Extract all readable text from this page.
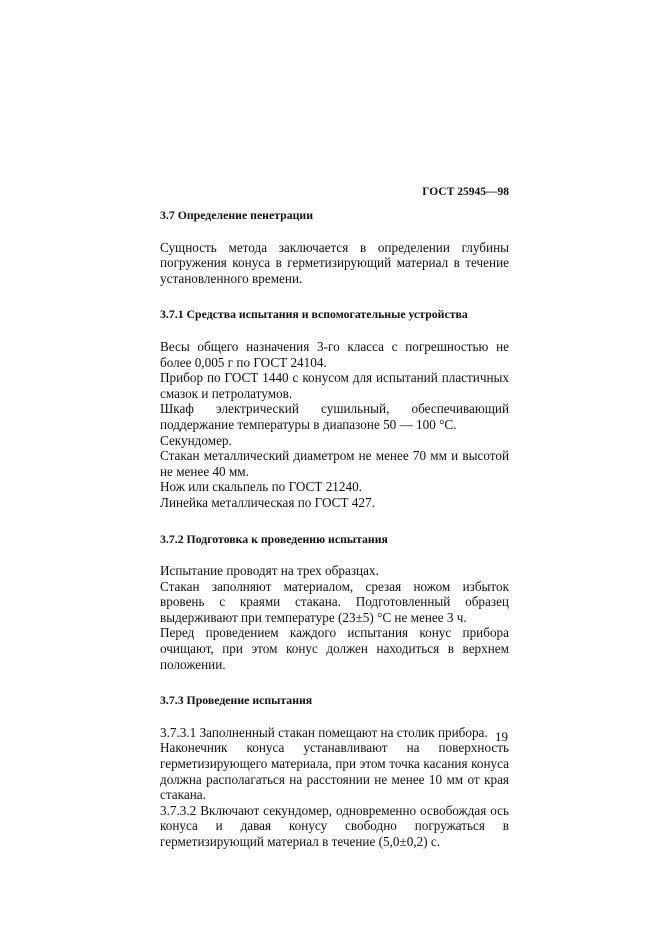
ГОСТ 25945—98
3.7 Определение пенетрации

Сущность метода заключается в определении глубины погружения конуса в герметизирующий материал в течение установленного времени.

3.7.1 Средства испытания и вспомогательные устройства

Весы общего назначения 3-го класса с погрешностью не более 0,005 г по ГОСТ 24104.

Прибор по ГОСТ 1440 с конусом для испытаний пластичных смазок и петролатумов.

Шкаф электрический сушильный, обеспечивающий поддержание температуры в диапазоне 50 — 100 °С.

Секундомер.

Стакан металлический диаметром не менее 70 мм и высотой не менее 40 мм.

Нож или скальпель по ГОСТ 21240.

Линейка металлическая по ГОСТ 427.

3.7.2 Подготовка к проведению испытания

Испытание проводят на трех образцах.

Стакан заполняют материалом, срезая ножом избыток вровень с краями стакана. Подготовленный образец выдерживают при температуре (23±5) °С не менее 3 ч.

Перед проведением каждого испытания конус прибора очищают, при этом конус должен находиться в верхнем положении.

3.7.3 Проведение испытания

3.7.3.1 Заполненный стакан помещают на столик прибора.

Наконечник конуса устанавливают на поверхность герметизирующего материала, при этом точка касания конуса должна располагаться на расстоянии не менее 10 мм от края стакана.

3.7.3.2 Включают секундомер, одновременно освобождая ось конуса и давая конусу свободно погружаться в герметизирующий материал в течение (5,0±0,2) с.

19
